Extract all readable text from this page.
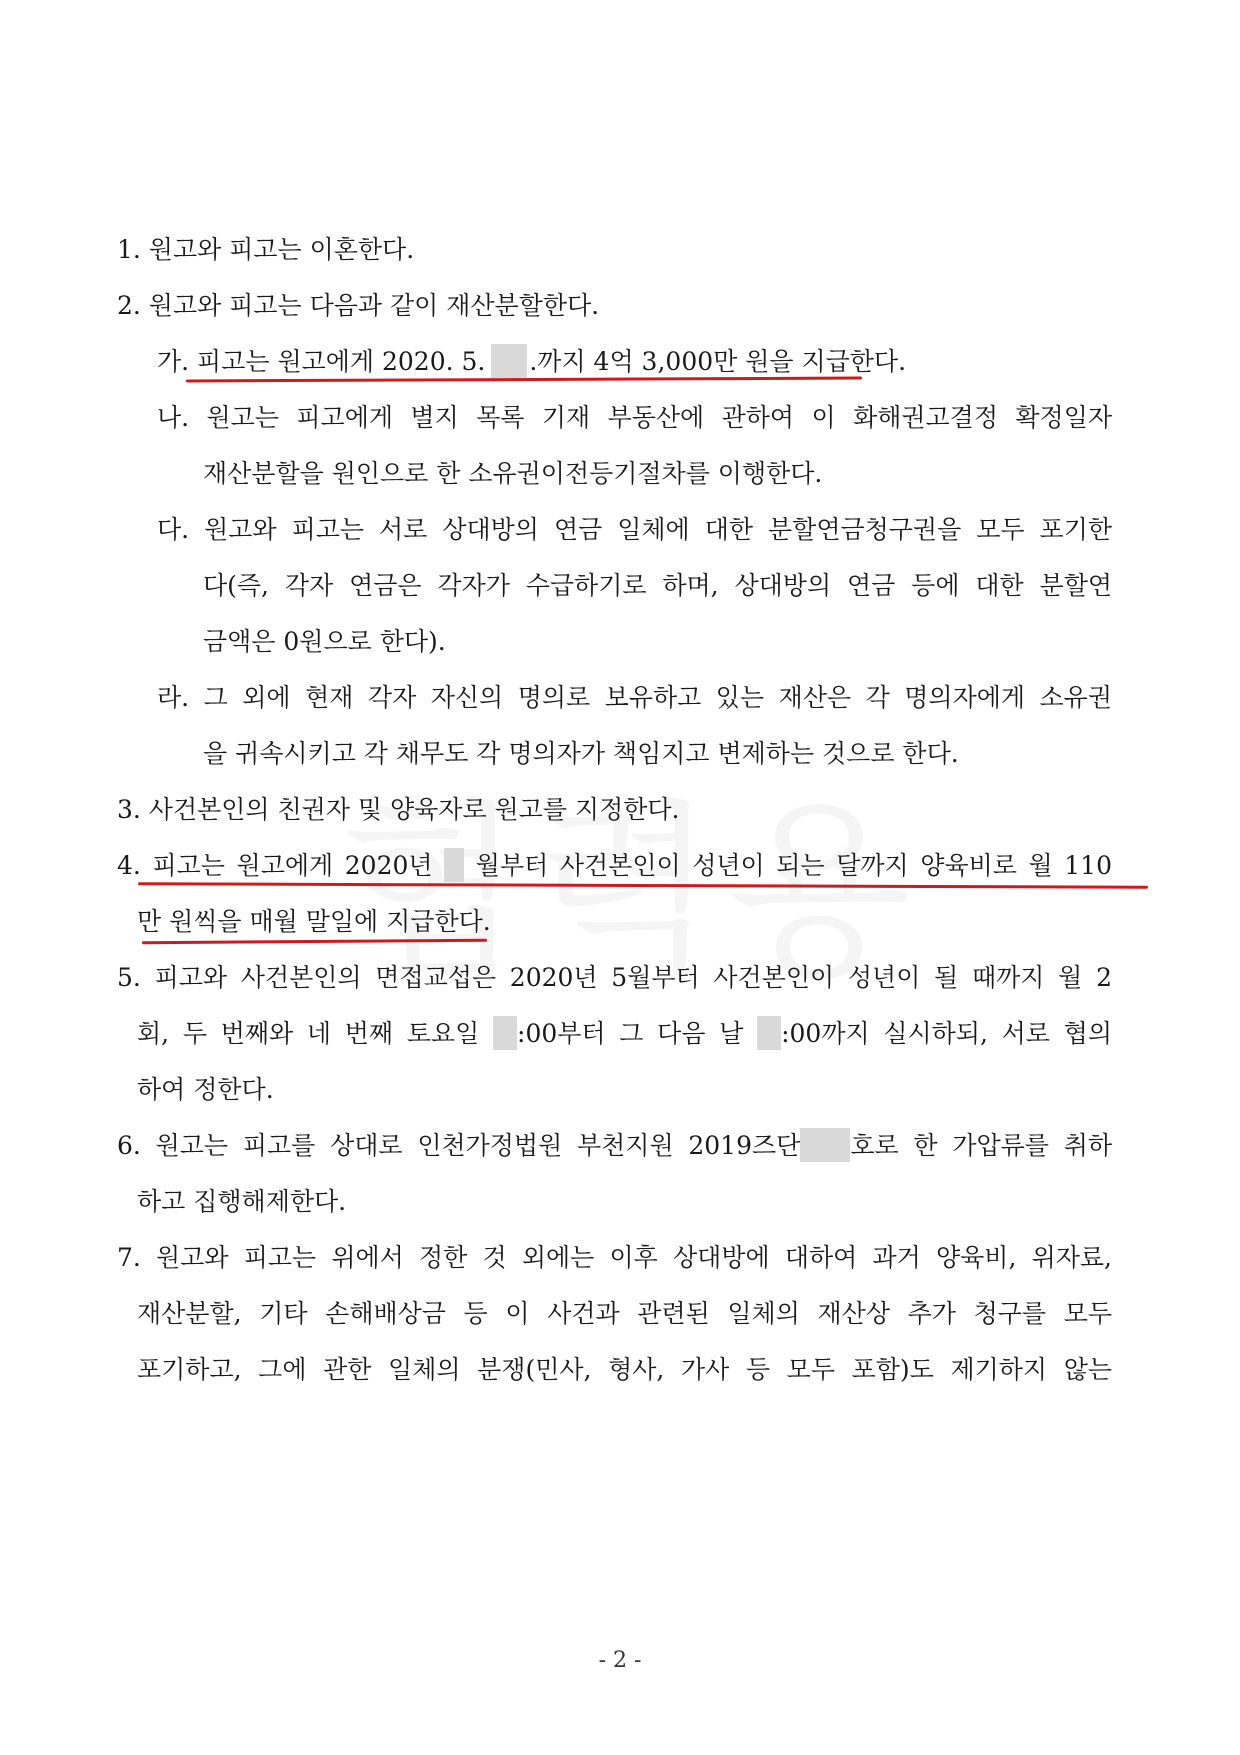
1. 원고와 피고는 이혼한다.
2. 원고와 피고는 다음과 같이 재산분할한다.
가. 피고는 원고에게 2020. 5. .까지 4억 3,000만 원을 지급한다.
나. 원고는 피고에게 별지 목록 기재 부동산에 관하여 이 화해권고결정 확정일자
재산분할을 원인으로 한 소유권이전등기절차를 이행한다.
다. 원고와 피고는 서로 상대방의 연금 일체에 대한 분할연금청구권을 모두 포기한
다(즉, 각자 연금은 각자가 수급하기로 하며, 상대방의 연금 등에 대한 분할연
금액은 0원으로 한다).
라. 그 외에 현재 각자 자신의 명의로 보유하고 있는 재산은 각 명의자에게 소유권
을 귀속시키고 각 채무도 각 명의자가 책임지고 변제하는 것으로 한다.
3. 사건본인의 친권자 및 양육자로 원고를 지정한다.
4. 피고는 원고에게 2020년 월부터 사건본인이 성년이 되는 달까지 양육비로 월 110
만 원씩을 매월 말일에 지급한다.
5. 피고와 사건본인의 면접교섭은 2020년 5월부터 사건본인이 성년이 될 때까지 월 2
회, 두 번째와 네 번째 토요일 :00부터 그 다음 날 :00까지 실시하되, 서로 협의
하여 정한다.
6. 원고는 피고를 상대로 인천가정법원 부천지원 2019즈단 호로 한 가압류를 취하
하고 집행해제한다.
7. 원고와 피고는 위에서 정한 것 외에는 이후 상대방에 대하여 과거 양육비, 위자료,
재산분할, 기타 손해배상금 등 이 사건과 관련된 일체의 재산상 추가 청구를 모두
포기하고, 그에 관한 일체의 분쟁(민사, 형사, 가사 등 모두 포함)도 제기하지 않는
- 2 -
